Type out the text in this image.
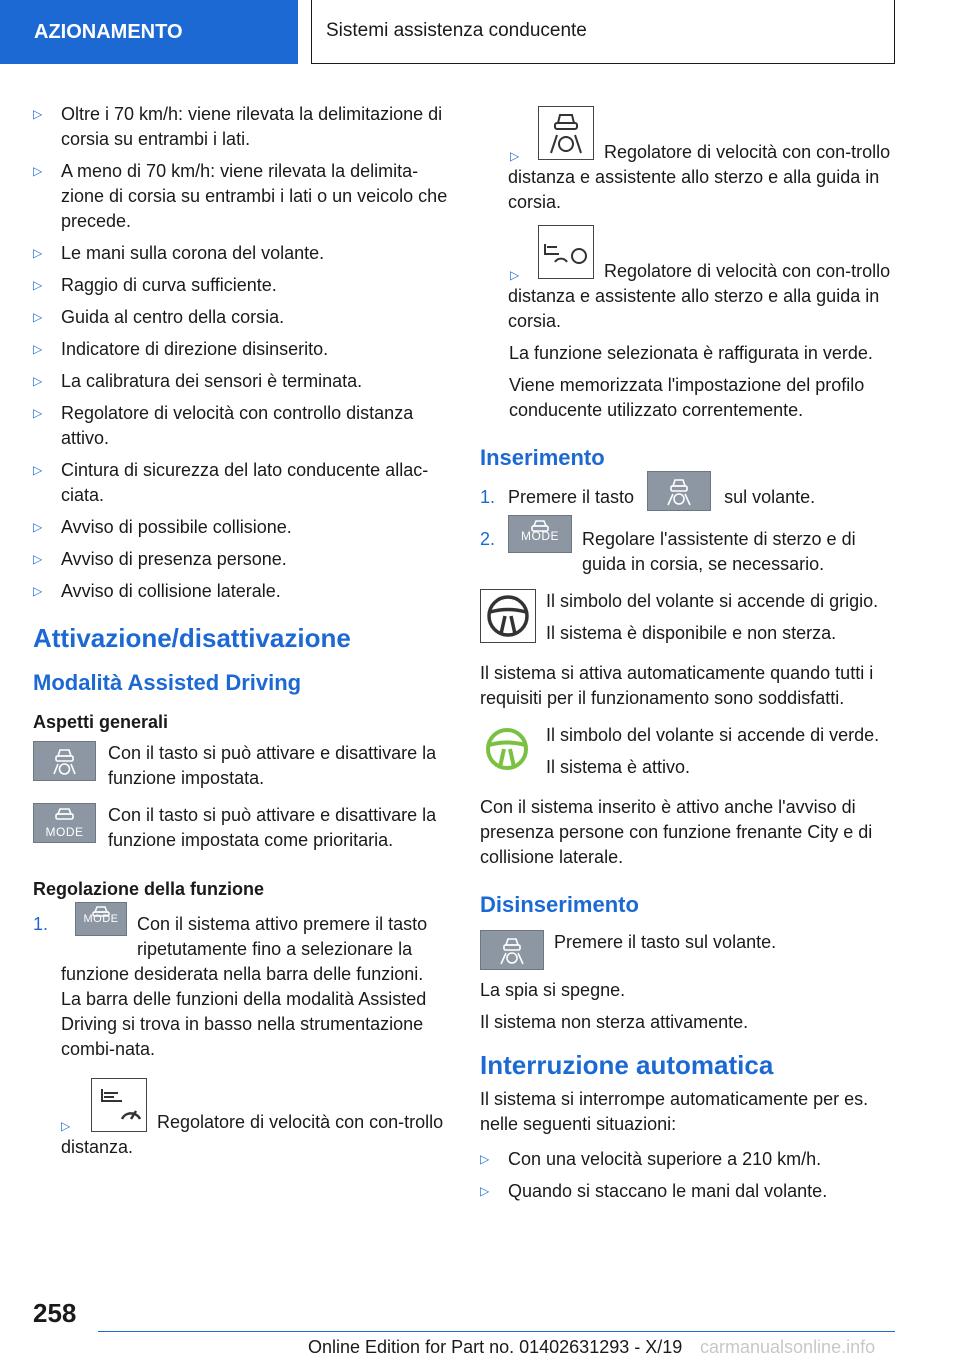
AZIONAMENTO	Sistemi assistenza conducente
▷ Oltre i 70 km/h: viene rilevata la delimitazione di corsia su entrambi i lati.
▷ A meno di 70 km/h: viene rilevata la delimita-zione di corsia su entrambi i lati o un veicolo che precede.
▷ Le mani sulla corona del volante.
▷ Raggio di curva sufficiente.
▷ Guida al centro della corsia.
▷ Indicatore di direzione disinserito.
▷ La calibratura dei sensori è terminata.
▷ Regolatore di velocità con controllo distanza attivo.
▷ Cintura di sicurezza del lato conducente allac-ciata.
▷ Avviso di possibile collisione.
▷ Avviso di presenza persone.
▷ Avviso di collisione laterale.
Attivazione/disattivazione
Modalità Assisted Driving
Aspetti generali
Con il tasto si può attivare e disattivare la funzione impostata.
MODE
Con il tasto si può attivare e disattivare la funzione impostata come prioritaria.
Regolazione della funzione
1.	MODE	Con il sistema attivo premere il tasto ripetutamente fino a selezionare la funzione desiderata nella barra delle funzioni. La barra delle funzioni della modalità Assisted Driving si trova in basso nella strumentazione combi-nata.
▷	Regolatore di velocità con con-trollo distanza.
▷	Regolatore di velocità con con-trollo distanza e assistente allo sterzo e alla guida in corsia.
▷	Regolatore di velocità con con-trollo distanza e assistente allo sterzo e alla guida in corsia.
La funzione selezionata è raffigurata in verde.
Viene memorizzata l'impostazione del profilo conducente utilizzato correntemente.
Inserimento
1. Premere il tasto	sul volante.
2.	MODE	Regolare l'assistente di sterzo e di guida in corsia, se necessario.
Il simbolo del volante si accende di grigio.
Il sistema è disponibile e non sterza.
Il sistema si attiva automaticamente quando tutti i requisiti per il funzionamento sono soddisfatti.
Il simbolo del volante si accende di verde.
Il sistema è attivo.
Con il sistema inserito è attivo anche l'avviso di presenza persone con funzione frenante City e di collisione laterale.
Disinserimento
Premere il tasto sul volante.
La spia si spegne.
Il sistema non sterza attivamente.
Interruzione automatica
Il sistema si interrompe automaticamente per es. nelle seguenti situazioni:
▷ Con una velocità superiore a 210 km/h.
▷ Quando si staccano le mani dal volante.
258
Online Edition for Part no. 01402631293 - X/19 carmanualsonline.info
